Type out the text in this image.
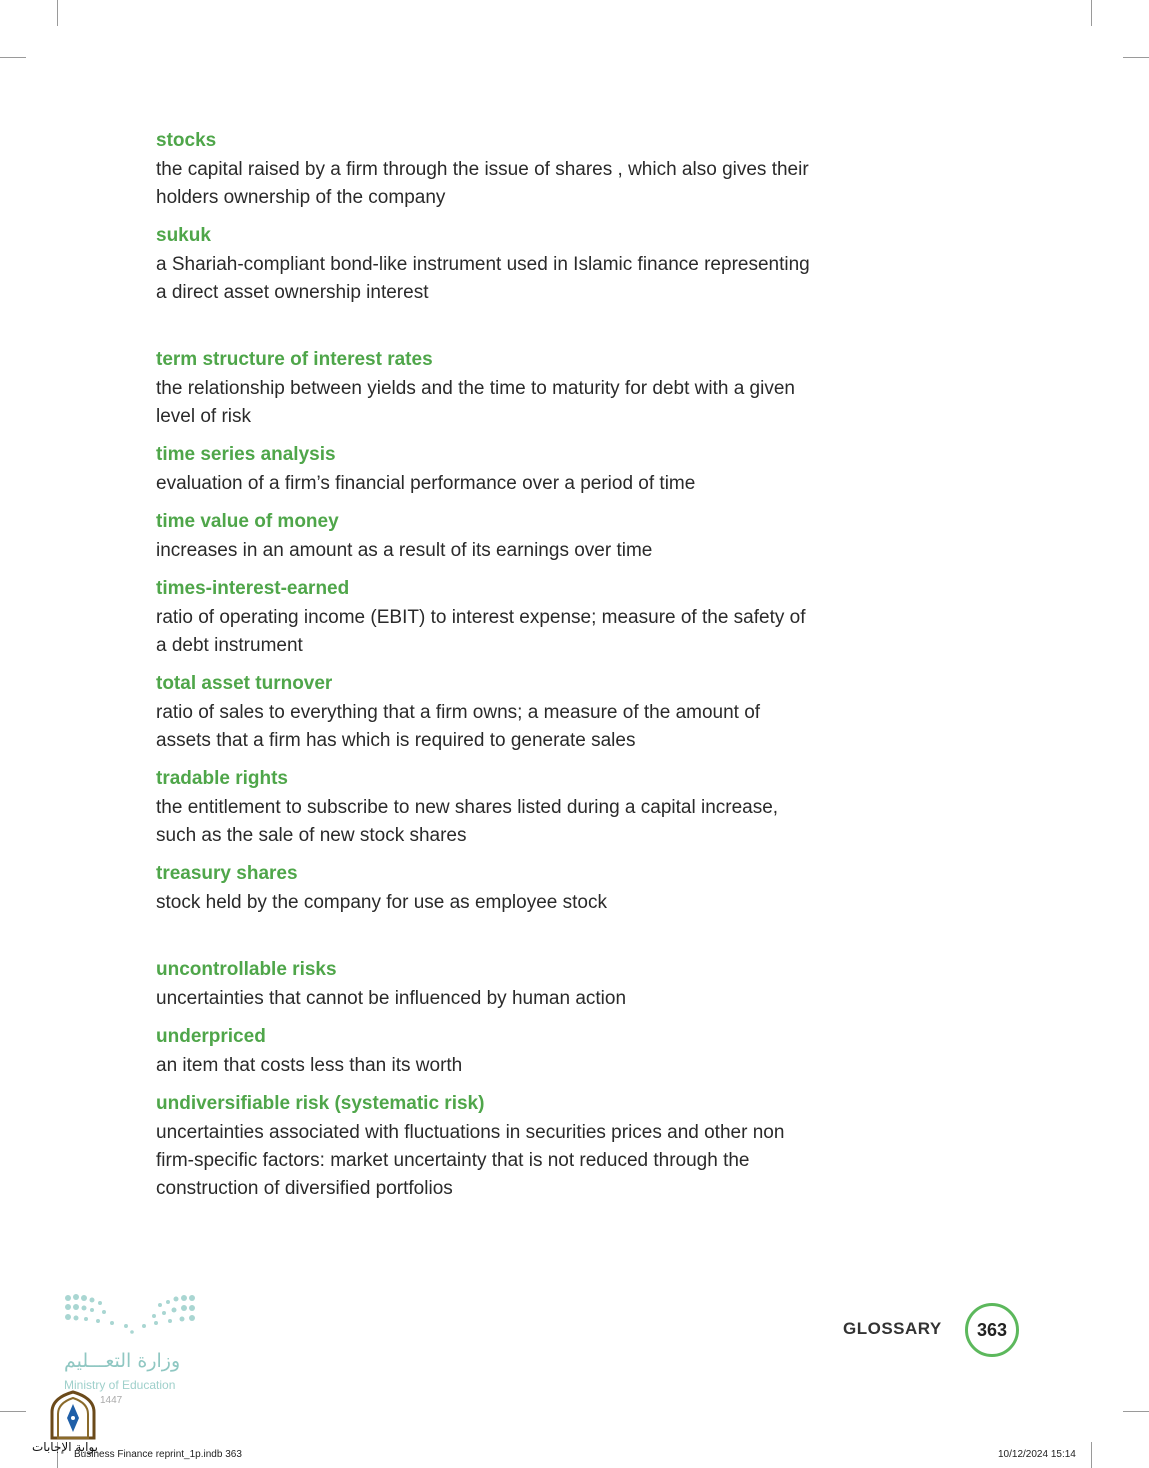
stocks

the capital raised by a firm through the issue of shares , which also gives their holders ownership of the company

sukuk

a Shariah-compliant bond-like instrument used in Islamic finance representing a direct asset ownership interest

term structure of interest rates

the relationship between yields and the time to maturity for debt with a given level of risk

time series analysis

evaluation of a firm’s financial performance over a period of time

time value of money

increases in an amount as a result of its earnings over time

times-interest-earned

ratio of operating income (EBIT) to interest expense; measure of the safety of a debt instrument

total asset turnover

ratio of sales to everything that a firm owns; a measure of the amount of assets that a firm has which is required to generate sales

tradable rights

the entitlement to subscribe to new shares listed during a capital increase, such as the sale of new stock shares

treasury shares

stock held by the company for use as employee stock

uncontrollable risks

uncertainties that cannot be influenced by human action

underpriced

an item that costs less than its worth

undiversifiable risk (systematic risk)

uncertainties associated with fluctuations in securities prices and other non firm-specific factors: market uncertainty that is not reduced through the construction of diversified portfolios

GLOSSARY 363
وزارة التعـــليم
Ministry of Education
1447
بوابة الإجابات
Business Finance reprint_1p.indb 363	10/12/2024 15:14
